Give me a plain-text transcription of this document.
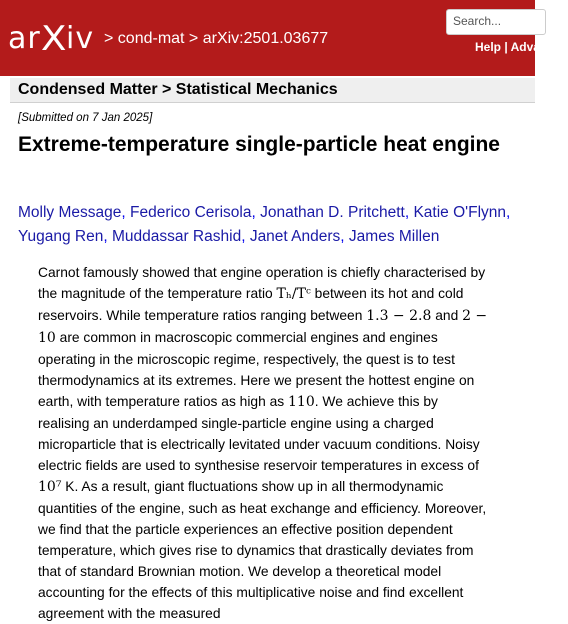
ar X iv > cond-mat > arXiv:2501.03677
Search...
Help | Advanced
Condensed Matter > Statistical Mechanics
[Submitted on 7 Jan 2025]
Extreme-temperature single-particle heat engine
Molly Message, Federico Cerisola, Jonathan D. Pritchett, Katie O'Flynn, Yugang Ren, Muddassar Rashid, Janet Anders, James Millen
Carnot famously showed that engine operation is chiefly characterised by the magnitude of the temperature ratio Tₕ/Tᶜ between its hot and cold reservoirs. While temperature ratios ranging between 1.3 − 2.8 and 2 − 10 are common in macroscopic commercial engines and engines operating in the microscopic regime, respectively, the quest is to test thermodynamics at its extremes. Here we present the hottest engine on earth, with temperature ratios as high as 110. We achieve this by realising an underdamped single-particle engine using a charged microparticle that is electrically levitated under vacuum conditions. Noisy electric fields are used to synthesise reservoir temperatures in excess of 10⁷ K. As a result, giant fluctuations show up in all thermodynamic quantities of the engine, such as heat exchange and efficiency. Moreover, we find that the particle experiences an effective position dependent temperature, which gives rise to dynamics that drastically deviates from that of standard Brownian motion. We develop a theoretical model accounting for the effects of this multiplicative noise and find excellent agreement with the measured
